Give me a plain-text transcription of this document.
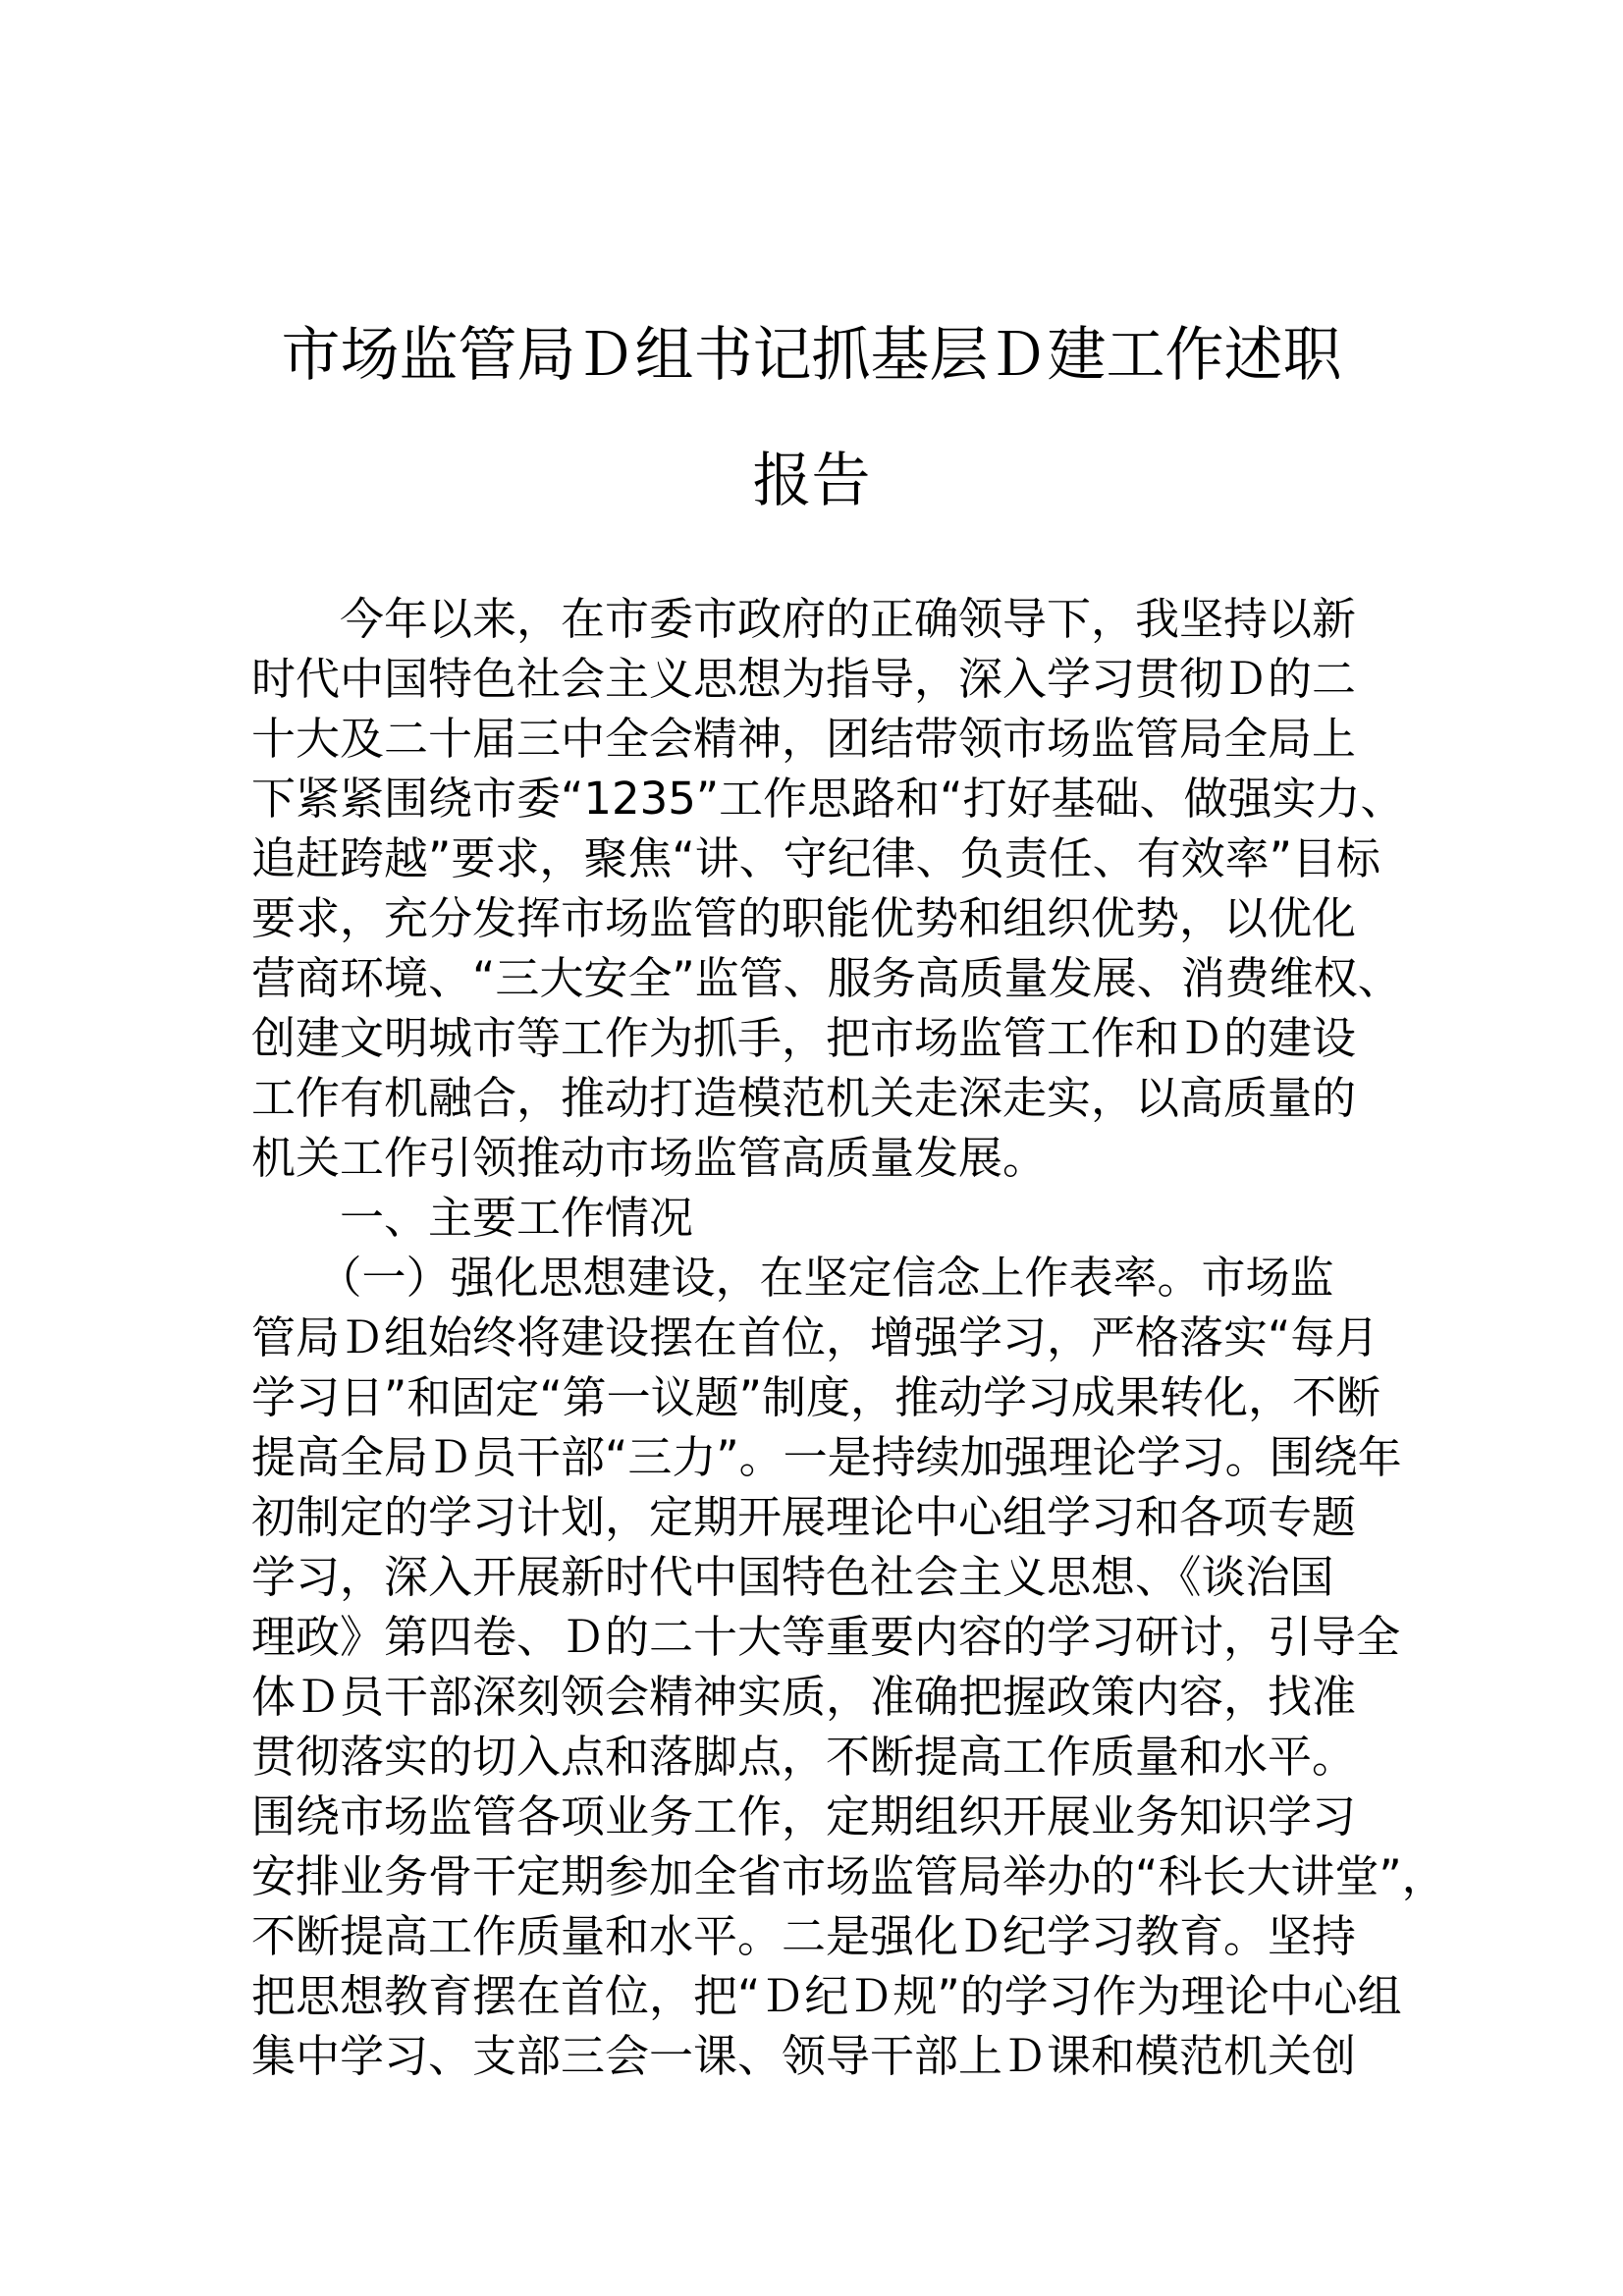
市场监管局Ｄ组书记抓基层Ｄ建工作述职
报告
　　今年以来，在市委市政府的正确领导下，我坚持以新
时代中国特色社会主义思想为指导，深入学习贯彻Ｄ的二
十大及二十届三中全会精神，团结带领市场监管局全局上
下紧紧围绕市委“1235”工作思路和“打好基础、做强实力、
追赶跨越”要求，聚焦“讲、守纪律、负责任、有效率”目标
要求，充分发挥市场监管的职能优势和组织优势，以优化
营商环境、“三大安全”监管、服务高质量发展、消费维权、
创建文明城市等工作为抓手，把市场监管工作和Ｄ的建设
工作有机融合，推动打造模范机关走深走实，以高质量的
机关工作引领推动市场监管高质量发展。
　　一、主要工作情况
　　（一）强化思想建设，在坚定信念上作表率。市场监
管局Ｄ组始终将建设摆在首位，增强学习，严格落实“每月
学习日”和固定“第一议题”制度，推动学习成果转化，不断
提高全局Ｄ员干部“三力”。一是持续加强理论学习。围绕年
初制定的学习计划，定期开展理论中心组学习和各项专题
学习，深入开展新时代中国特色社会主义思想、《谈治国
理政》第四卷、Ｄ的二十大等重要内容的学习研讨，引导全
体Ｄ员干部深刻领会精神实质，准确把握政策内容，找准
贯彻落实的切入点和落脚点，不断提高工作质量和水平。
围绕市场监管各项业务工作，定期组织开展业务知识学习
安排业务骨干定期参加全省市场监管局举办的“科长大讲堂”，
不断提高工作质量和水平。二是强化Ｄ纪学习教育。坚持
把思想教育摆在首位，把“Ｄ纪Ｄ规”的学习作为理论中心组
集中学习、支部三会一课、领导干部上Ｄ课和模范机关创
